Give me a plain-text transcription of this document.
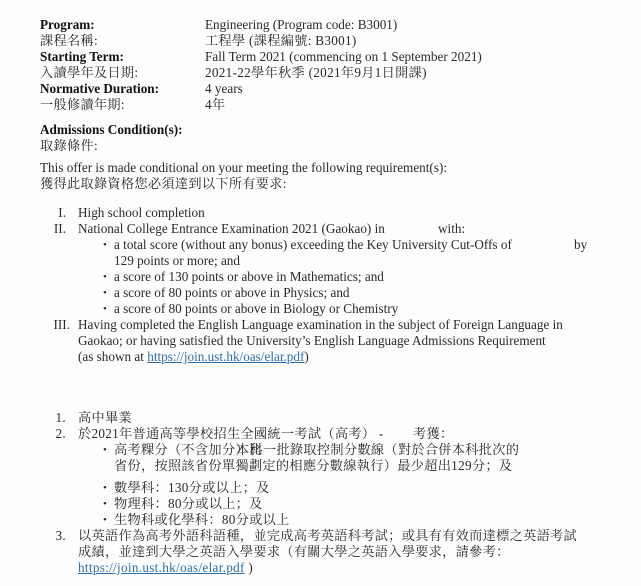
Program:	Engineering (Program code: B3001)
課程名稱:	工程學 (課程編號: B3001)
Starting Term:	Fall Term 2021 (commencing on 1 September 2021)
入讀學年及日期:	2021-22學年秋季 (2021年9月1日開課)
Normative Duration:	4 years
一般修讀年期:	4年
Admissions Condition(s):
取錄條件:
This offer is made conditional on your meeting the following requirement(s):
獲得此取錄資格您必須達到以下所有要求:
I. High school completion
II. National College Entrance Examination 2021 (Gaokao) in	with:
• a total score (without any bonus) exceeding the Key University Cut-Offs of	by
129 points or more; and
• a score of 130 points or above in Mathematics; and
• a score of 80 points or above in Physics; and
• a score of 80 points or above in Biology or Chemistry
III. Having completed the English Language examination in the subject of Foreign Language in
Gaokao; or having satisfied the University’s English Language Admissions Requirement
(as shown at https://join.ust.hk/oas/elar.pdf)
1. 高中畢業
2. 於2021年普通高等學校招生全國統一考試（高考） - 考獲：
• 高考粿分（不含加分）比
本科一批錄取控制分數線（對於合併本科批次的
省份，按照該省份單獨劃定的相應分數線執行）最少超出129分；及
• 數學科：130分或以上；及
• 物理科：80分或以上；及
• 生物科或化學科：80分或以上
3. 以英語作為高考外語科語種，並完成高考英語科考試；或具有有效而達標之英語考試
成績，並達到大學之英語入學要求（有關大學之英語入學要求，請參考：
https://join.ust.hk/oas/elar.pdf )
